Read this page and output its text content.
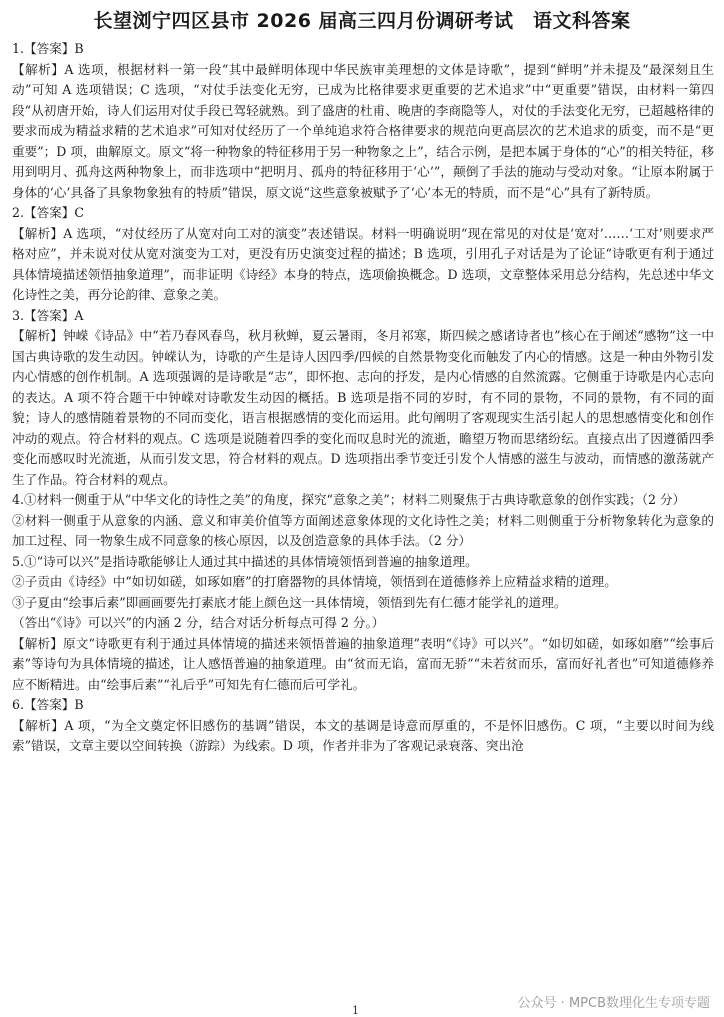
长望浏宁四区县市 2026 届高三四月份调研考试　语文科答案

1.【答案】B

【解析】A 选项，根据材料一第一段“其中最鲜明体现中华民族审美理想的文体是诗歌”，提到“鲜明”并未提及“最深刻且生动”可知 A 选项错误；C 选项，“对仗手法变化无穷，已成为比格律要求更重要的艺术追求”中“更重要”错误，由材料一第四段“从初唐开始，诗人们运用对仗手段已驾轻就熟。到了盛唐的杜甫、晚唐的李商隐等人，对仗的手法变化无穷，已超越格律的要求而成为精益求精的艺术追求”可知对仗经历了一个单纯追求符合格律要求的规范向更高层次的艺术追求的质变，而不是“更重要”；D 项，曲解原文。原文“将一种物象的特征移用于另一种物象之上”，结合示例，是把本属于身体的“心”的相关特征，移用到明月、孤舟这两种物象上，而非选项中“把明月、孤舟的特征移用于‘心’”，颠倒了手法的施动与受动对象。“让原本附属于身体的‘心’具备了具象物象独有的特质”错误，原文说“这些意象被赋予了‘心’本无的特质，而不是“心”具有了新特质。

2.【答案】C

【解析】A 选项，“对仗经历了从宽对向工对的演变”表述错误。材料一明确说明“现在常见的对仗是‘宽对’……‘工对’则要求严格对应”，并未说对仗从宽对演变为工对，更没有历史演变过程的描述；B 选项，引用孔子对话是为了论证“诗歌更有利于通过具体情境描述领悟抽象道理”，而非证明《诗经》本身的特点，选项偷换概念。D 选项，文章整体采用总分结构，先总述中华文化诗性之美，再分论韵律、意象之美。

3.【答案】A

【解析】钟嵘《诗品》中“若乃春风春鸟，秋月秋蝉，夏云暑雨，冬月祁寒，斯四候之感诸诗者也”核心在于阐述“感物”这一中国古典诗歌的发生动因。钟嵘认为，诗歌的产生是诗人因四季/四候的自然景物变化而触发了内心的情感。这是一种由外物引发内心情感的创作机制。A 选项强调的是诗歌是“志”，即怀抱、志向的抒发，是内心情感的自然流露。它侧重于诗歌是内心志向的表达。A 项不符合题干中钟嵘对诗歌发生动因的概括。B 选项是指不同的岁时，有不同的景物，不同的景物，有不同的面貌；诗人的感情随着景物的不同而变化，语言根据感情的变化而运用。此句阐明了客观现实生活引起人的思想感情变化和创作冲动的观点。符合材料的观点。C 选项是说随着四季的变化而叹息时光的流逝，瞻望万物而思绪纷纭。直接点出了因遵循四季变化而感叹时光流逝，从而引发文思，符合材料的观点。D 选项指出季节变迁引发个人情感的滋生与波动，而情感的激荡就产生了作品。符合材料的观点。

4.①材料一侧重于从“中华文化的诗性之美”的角度，探究“意象之美”；材料二则聚焦于古典诗歌意象的创作实践；（2 分）

②材料一侧重于从意象的内涵、意义和审美价值等方面阐述意象体现的文化诗性之美；材料二则侧重于分析物象转化为意象的加工过程、同一物象生成不同意象的核心原因，以及创造意象的具体手法。（2 分）

5.①“诗可以兴”是指诗歌能够让人通过其中描述的具体情境领悟到普遍的抽象道理。

②子贡由《诗经》中“如切如磋，如琢如磨”的打磨器物的具体情境，领悟到在道德修养上应精益求精的道理。

③子夏由“绘事后素”即画画要先打素底才能上颜色这一具体情境，领悟到先有仁德才能学礼的道理。

（答出“《诗》可以兴”的内涵 2 分，结合对话分析每点可得 2 分。）

【解析】原文“诗歌更有利于通过具体情境的描述来领悟普遍的抽象道理”表明“《诗》可以兴”。“如切如磋，如琢如磨”“绘事后素”等诗句为具体情境的描述，让人感悟普遍的抽象道理。由“贫而无谄，富而无骄”“未若贫而乐，富而好礼者也”可知道德修养应不断精进。由“绘事后素”“礼后乎”可知先有仁德而后可学礼。

6.【答案】B

【解析】A 项，“为全文奠定怀旧感伤的基调”错误，本文的基调是诗意而厚重的，不是怀旧感伤。C 项，“主要以时间为线索”错误，文章主要以空间转换（游踪）为线索。D 项，作者并非为了客观记录衰落、突出沧

公众号 · MPCB数理化生专项专题
1
